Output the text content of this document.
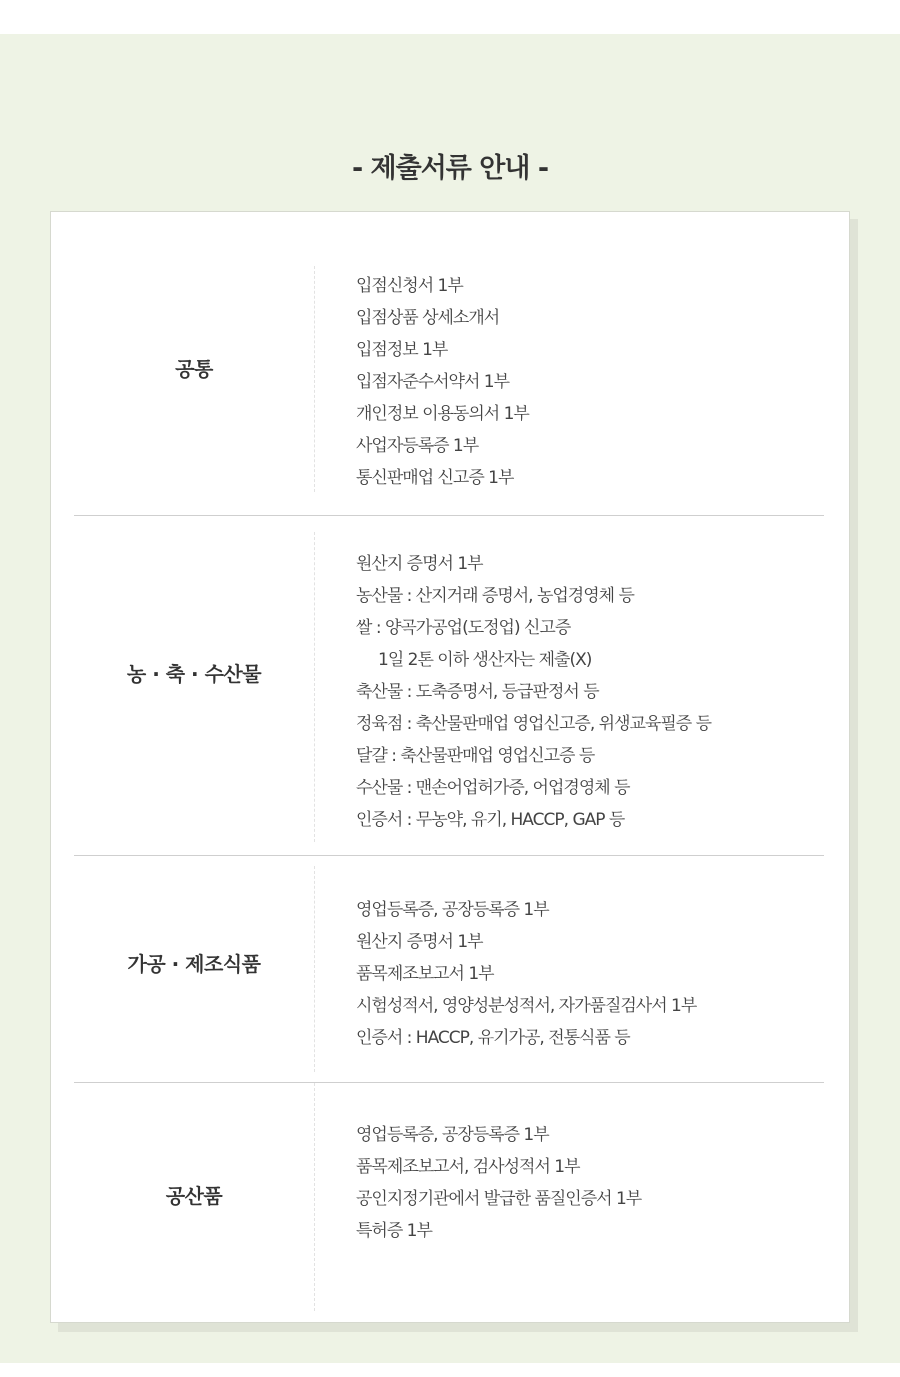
- 제출서류 안내 -
공통
입점신청서 1부
입점상품 상세소개서
입점정보 1부
입점자준수서약서 1부
개인정보 이용동의서 1부
사업자등록증 1부
통신판매업 신고증 1부
농 · 축 · 수산물
원산지 증명서 1부
농산물 : 산지거래 증명서, 농업경영체 등
쌀 : 양곡가공업(도정업) 신고증
1일 2톤 이하 생산자는 제출(X)
축산물 : 도축증명서, 등급판정서 등
정육점 : 축산물판매업 영업신고증, 위생교육필증 등
달걀 : 축산물판매업 영업신고증 등
수산물 : 맨손어업허가증, 어업경영체 등
인증서 : 무농약, 유기, HACCP, GAP 등
가공 · 제조식품
영업등록증, 공장등록증 1부
원산지 증명서 1부
품목제조보고서 1부
시험성적서, 영양성분성적서, 자가품질검사서 1부
인증서 : HACCP, 유기가공, 전통식품 등
공산품
영업등록증, 공장등록증 1부
품목제조보고서, 검사성적서 1부
공인지정기관에서 발급한 품질인증서 1부
특허증 1부
